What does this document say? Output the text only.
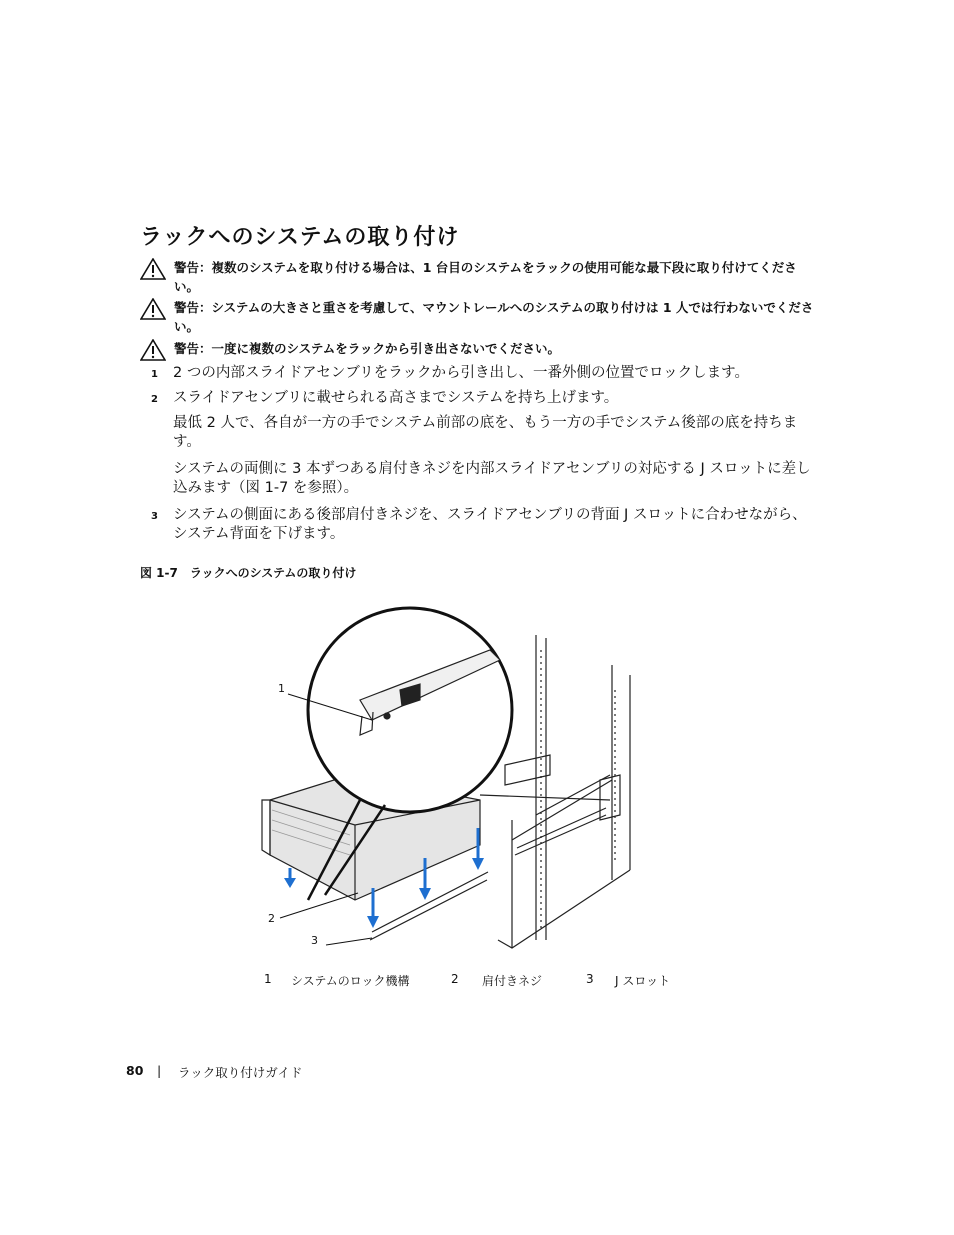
ラックへのシステムの取り付け
警告：複数のシステムを取り付ける場合は、1 台目のシステムをラックの使用可能な最下段に取り付けてください。
警告：システムの大きさと重さを考慮して、マウントレールへのシステムの取り付けは 1 人では行わないでください。
警告：一度に複数のシステムをラックから引き出さないでください。
1 2 つの内部スライドアセンブリをラックから引き出し、一番外側の位置でロックします。
2 スライドアセンブリに載せられる高さまでシステムを持ち上げます。
最低 2 人で、各自が一方の手でシステム前部の底を、もう一方の手でシステム後部の底を持ちます。
システムの両側に 3 本ずつある肩付きネジを内部スライドアセンブリの対応する J スロットに差し込みます（図 1-7 を参照）。
3 システムの側面にある後部肩付きネジを、スライドアセンブリの背面 J スロットに合わせながら、システム背面を下げます。
図 1-7 ラックへのシステムの取り付け
1
2
3
1 システムのロック機構	2 肩付きネジ	3 J スロット
80 | ラック取り付けガイド
